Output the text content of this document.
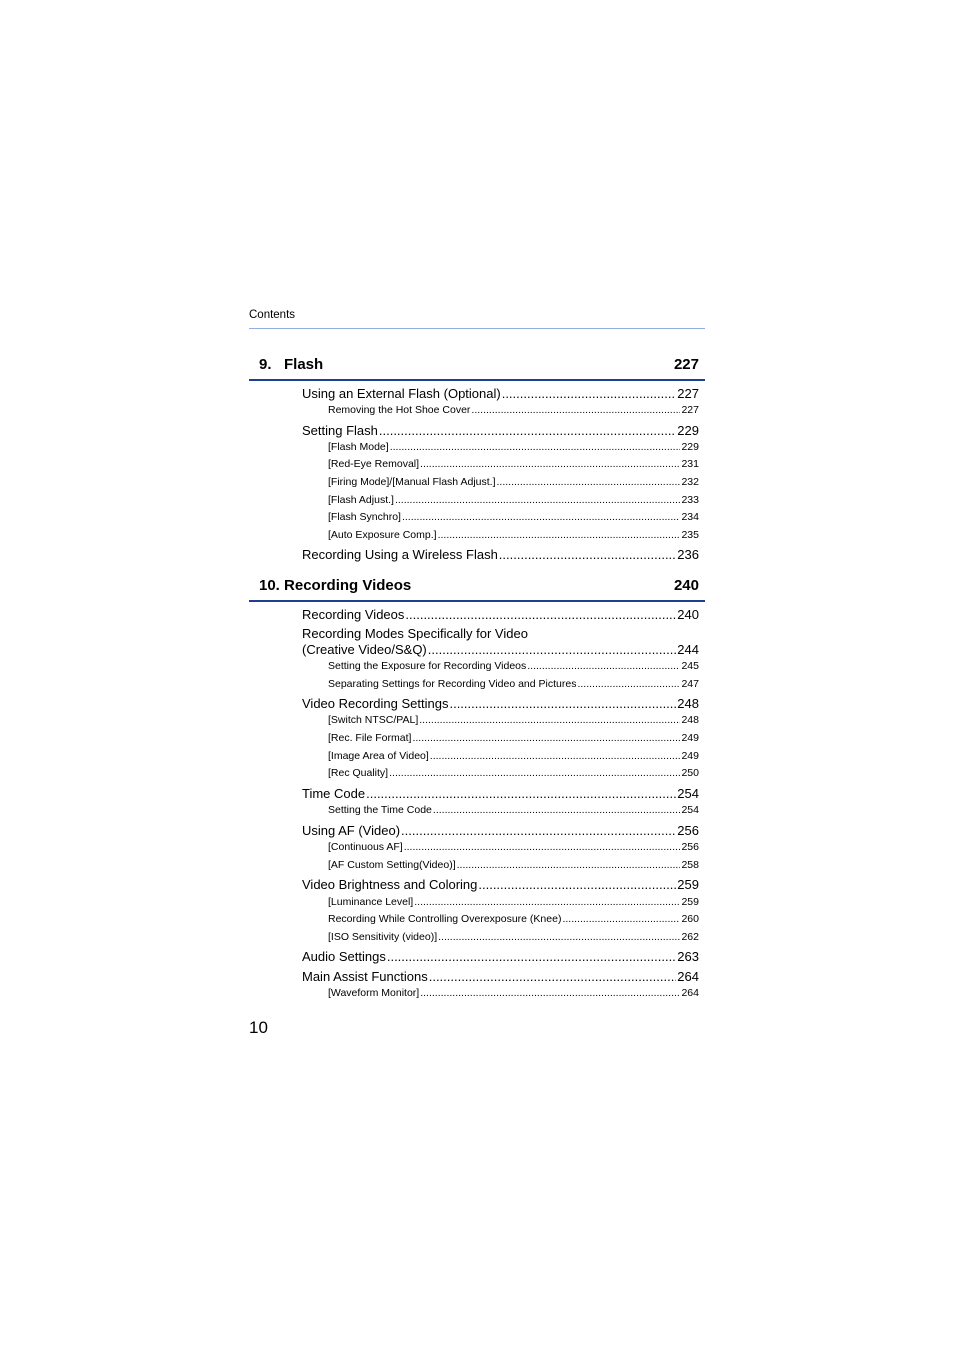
Contents
9.   Flash	227
Using an External Flash (Optional) .....	227
Removing the Hot Shoe Cover .....	227
Setting Flash .....	229
[Flash Mode] .....	229
[Red-Eye Removal] .....	231
[Firing Mode]/[Manual Flash Adjust.] .....	232
[Flash Adjust.] .....	233
[Flash Synchro] .....	234
[Auto Exposure Comp.] .....	235
Recording Using a Wireless Flash .....	236
10. Recording Videos	240
Recording Videos .....	240
Recording Modes Specifically for Video
(Creative Video/S&Q) .....	244
Setting the Exposure for Recording Videos .....	245
Separating Settings for Recording Video and Pictures .....	247
Video Recording Settings .....	248
[Switch NTSC/PAL] .....	248
[Rec. File Format] .....	249
[Image Area of Video] .....	249
[Rec Quality] .....	250
Time Code .....	254
Setting the Time Code .....	254
Using AF (Video) .....	256
[Continuous AF] .....	256
[AF Custom Setting(Video)] .....	258
Video Brightness and Coloring .....	259
[Luminance Level] .....	259
Recording While Controlling Overexposure (Knee) .....	260
[ISO Sensitivity (video)] .....	262
Audio Settings .....	263
Main Assist Functions .....	264
[Waveform Monitor] .....	264
10
